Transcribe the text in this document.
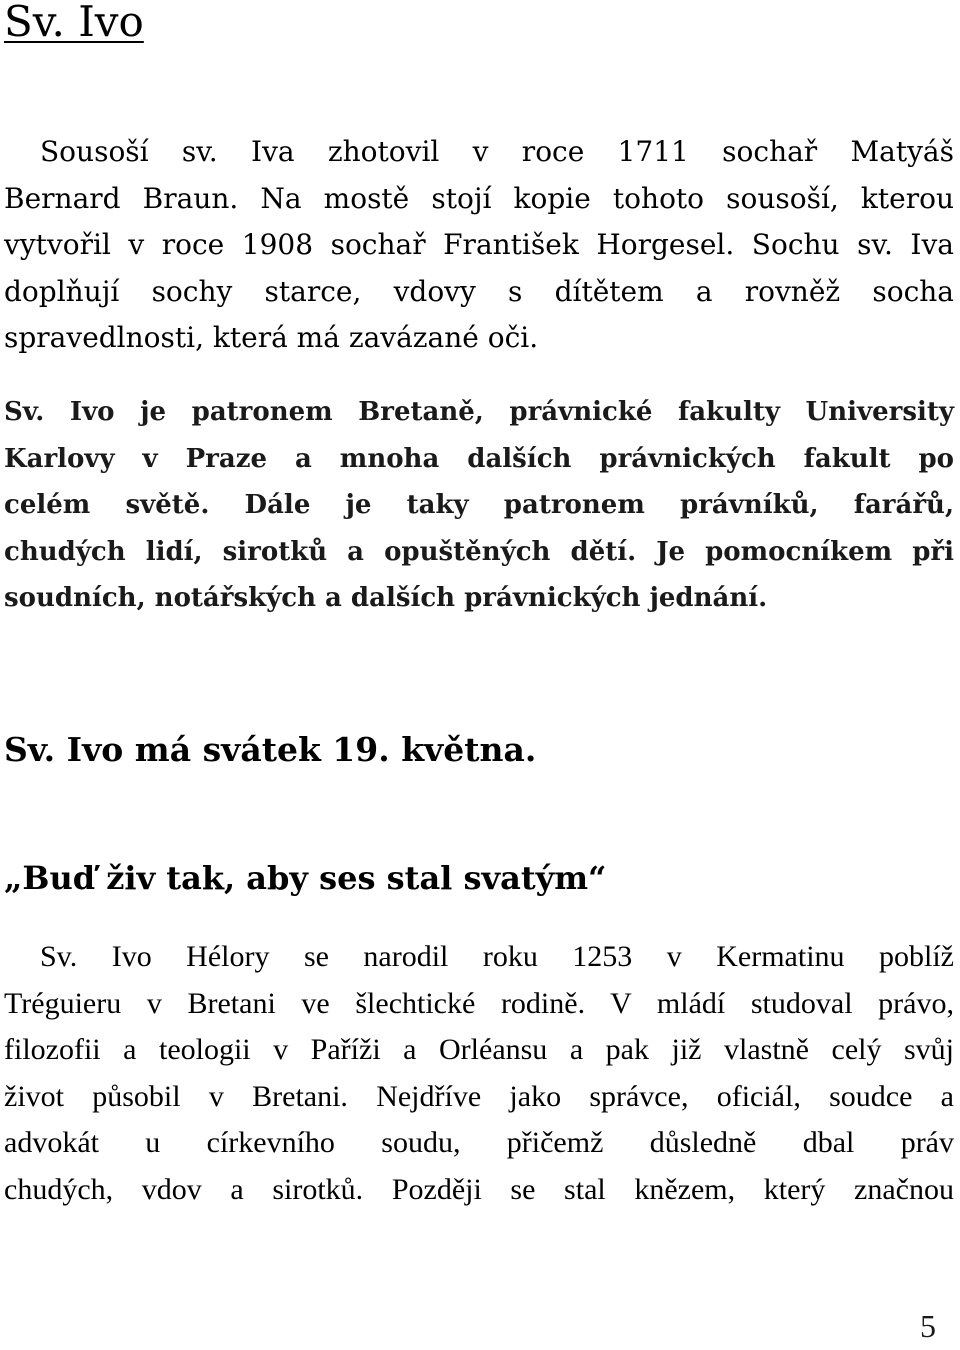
Sv. Ivo
Sousoší sv. Iva zhotovil v roce 1711 sochař Matyáš
Bernard Braun. Na mostě stojí kopie tohoto sousoší, kterou
vytvořil v roce 1908 sochař František Horgesel. Sochu sv. Iva
doplňují sochy starce, vdovy s dítětem a rovněž socha
spravedlnosti, která má zavázané oči.
Sv. Ivo je patronem Bretaně, právnické fakulty University
Karlovy v Praze a mnoha dalších právnických fakult po
celém světě. Dále je taky patronem právníků, farářů,
chudých lidí, sirotků a opuštěných dětí. Je pomocníkem při
soudních, notářských a dalších právnických jednání.
Sv. Ivo má svátek 19. května.
„Buď živ tak, aby ses stal svatým“
Sv. Ivo Hélory se narodil roku 1253 v Kermatinu poblíž
Tréguieru v Bretani ve šlechtické rodině. V mládí studoval právo,
filozofii a teologii v Paříži a Orléansu a pak již vlastně celý svůj
život působil v Bretani. Nejdříve jako správce, oficiál, soudce a
advokát u církevního soudu, přičemž důsledně dbal práv
chudých, vdov a sirotků. Později se stal knězem, který značnou
5
